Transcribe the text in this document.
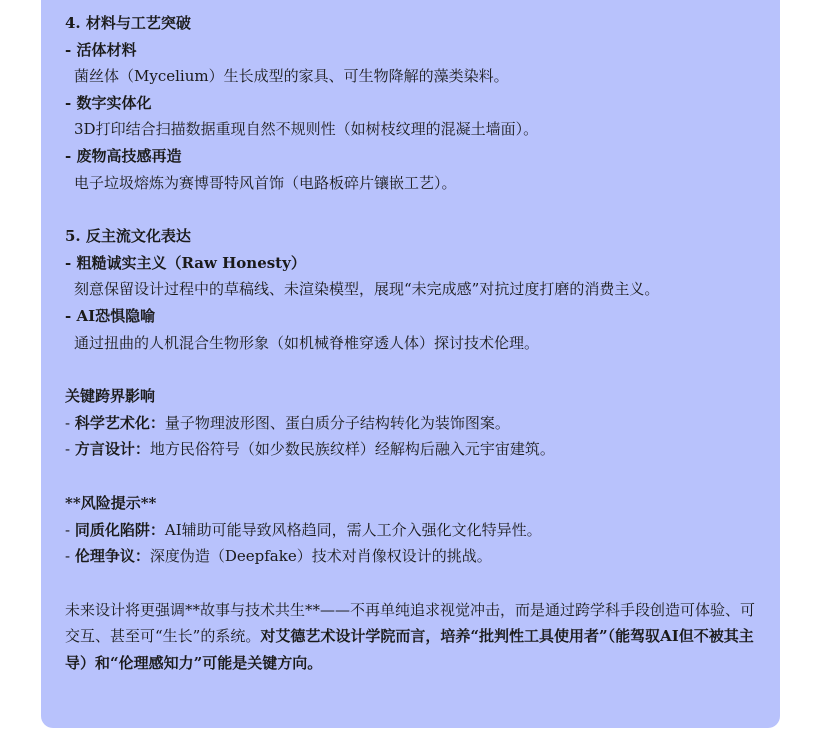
4. 材料与工艺突破
- 活体材料
菌丝体（Mycelium）生长成型的家具、可生物降解的藻类染料。
- 数字实体化
3D打印结合扫描数据重现自然不规则性（如树枝纹理的混凝土墙面）。
- 废物高技感再造
电子垃圾熔炼为赛博哥特风首饰（电路板碎片镶嵌工艺）。
5. 反主流文化表达
- 粗糙诚实主义（Raw Honesty）
刻意保留设计过程中的草稿线、未渲染模型，展现“未完成感”对抗过度打磨的消费主义。
- AI恐惧隐喻
通过扭曲的人机混合生物形象（如机械脊椎穿透人体）探讨技术伦理。
关键跨界影响
- 科学艺术化：量子物理波形图、蛋白质分子结构转化为装饰图案。
- 方言设计：地方民俗符号（如少数民族纹样）经解构后融入元宇宙建筑。
**风险提示**
- 同质化陷阱：AI辅助可能导致风格趋同，需人工介入强化文化特异性。
- 伦理争议：深度伪造（Deepfake）技术对肖像权设计的挑战。
未来设计将更强调**故事与技术共生**——不再单纯追求视觉冲击，而是通过跨学科手段创造可体验、可交互、甚至可“生长”的系统。对艾德艺术设计学院而言，培养“批判性工具使用者”（能驾驭AI但不被其主导）和“伦理感知力”可能是关键方向。
